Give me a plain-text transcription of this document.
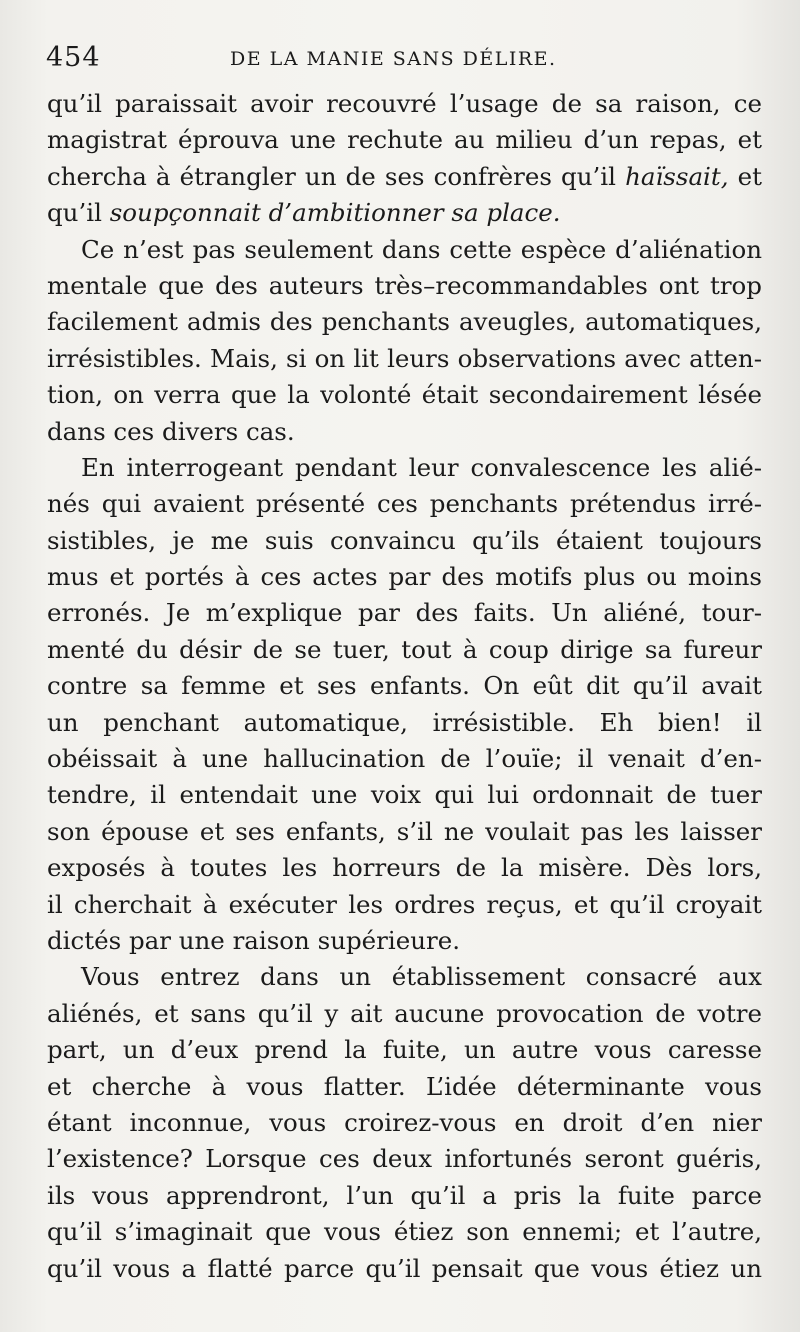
454	DE LA MANIE SANS DÉLIRE.
qu’il paraissait avoir recouvré l’usage de sa raison, ce
magistrat éprouva une rechute au milieu d’un repas, et
chercha à étrangler un de ses confrères qu’il haïssait, et
qu’il soupçonnait d’ambitionner sa place.
Ce n’est pas seulement dans cette espèce d’aliénation
mentale que des auteurs très–recommandables ont trop
facilement admis des penchants aveugles, automatiques,
irrésistibles. Mais, si on lit leurs observations avec atten-
tion, on verra que la volonté était secondairement lésée
dans ces divers cas.
En interrogeant pendant leur convalescence les alié-
nés qui avaient présenté ces penchants prétendus irré-
sistibles, je me suis convaincu qu’ils étaient toujours
mus et portés à ces actes par des motifs plus ou moins
erronés. Je m’explique par des faits. Un aliéné, tour-
menté du désir de se tuer, tout à coup dirige sa fureur
contre sa femme et ses enfants. On eût dit qu’il avait
un penchant automatique, irrésistible. Eh bien! il
obéissait à une hallucination de l’ouïe; il venait d’en-
tendre, il entendait une voix qui lui ordonnait de tuer
son épouse et ses enfants, s’il ne voulait pas les laisser
exposés à toutes les horreurs de la misère. Dès lors,
il cherchait à exécuter les ordres reçus, et qu’il croyait
dictés par une raison supérieure.
Vous entrez dans un établissement consacré aux
aliénés, et sans qu’il y ait aucune provocation de votre
part, un d’eux prend la fuite, un autre vous caresse
et cherche à vous flatter. L’idée déterminante vous
étant inconnue, vous croirez-vous en droit d’en nier
l’existence? Lorsque ces deux infortunés seront guéris,
ils vous apprendront, l’un qu’il a pris la fuite parce
qu’il s’imaginait que vous étiez son ennemi; et l’autre,
qu’il vous a flatté parce qu’il pensait que vous étiez un
